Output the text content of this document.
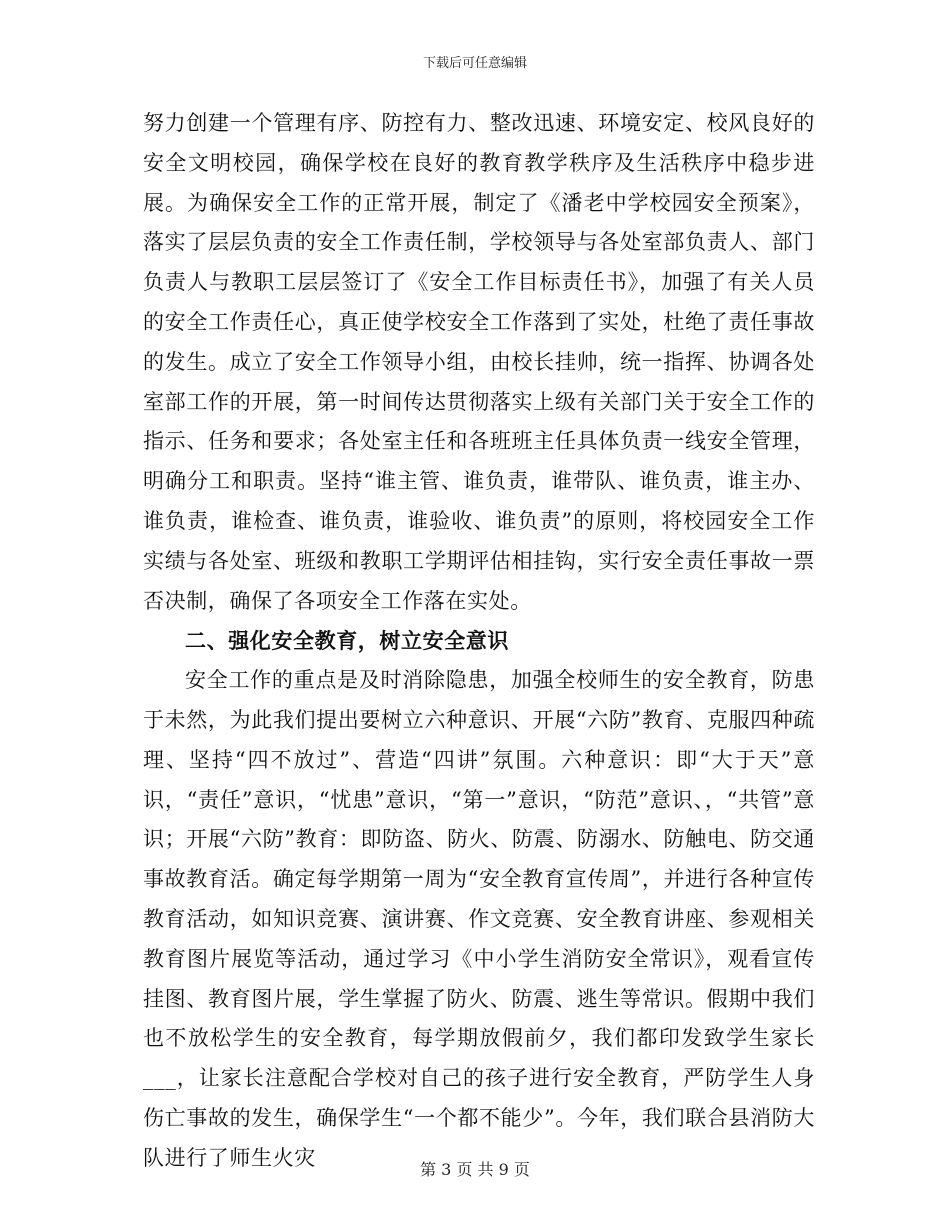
下载后可任意编辑

努力创建一个管理有序、防控有力、整改迅速、环境安定、校风良好的安全文明校园，确保学校在良好的教育教学秩序及生活秩序中稳步进展。为确保安全工作的正常开展，制定了《潘老中学校园安全预案》，落实了层层负责的安全工作责任制，学校领导与各处室部负责人、部门负责人与教职工层层签订了《安全工作目标责任书》，加强了有关人员的安全工作责任心，真正使学校安全工作落到了实处，杜绝了责任事故的发生。成立了安全工作领导小组，由校长挂帅，统一指挥、协调各处室部工作的开展，第一时间传达贯彻落实上级有关部门关于安全工作的指示、任务和要求；各处室主任和各班班主任具体负责一线安全管理，明确分工和职责。坚持“谁主管、谁负责，谁带队、谁负责，谁主办、谁负责，谁检查、谁负责，谁验收、谁负责”的原则，将校园安全工作实绩与各处室、班级和教职工学期评估相挂钩，实行安全责任事故一票否决制，确保了各项安全工作落在实处。

二、强化安全教育，树立安全意识

安全工作的重点是及时消除隐患，加强全校师生的安全教育，防患于未然，为此我们提出要树立六种意识、开展“六防”教育、克服四种疏理、坚持“四不放过”、营造“四讲”氛围。六种意识：即“大于天”意识，“责任”意识，“忧患”意识，“第一”意识，“防范”意识、，“共管”意识；开展“六防”教育：即防盗、防火、防震、防溺水、防触电、防交通事故教育活。确定每学期第一周为“安全教育宣传周”，并进行各种宣传教育活动，如知识竞赛、演讲赛、作文竞赛、安全教育讲座、参观相关教育图片展览等活动，通过学习《中小学生消防安全常识》，观看宣传挂图、教育图片展，学生掌握了防火、防震、逃生等常识。假期中我们也不放松学生的安全教育，每学期放假前夕，我们都印发致学生家长___，让家长注意配合学校对自己的孩子进行安全教育，严防学生人身伤亡事故的发生，确保学生“一个都不能少”。今年，我们联合县消防大队进行了师生火灾	第 3 页 共 9 页
